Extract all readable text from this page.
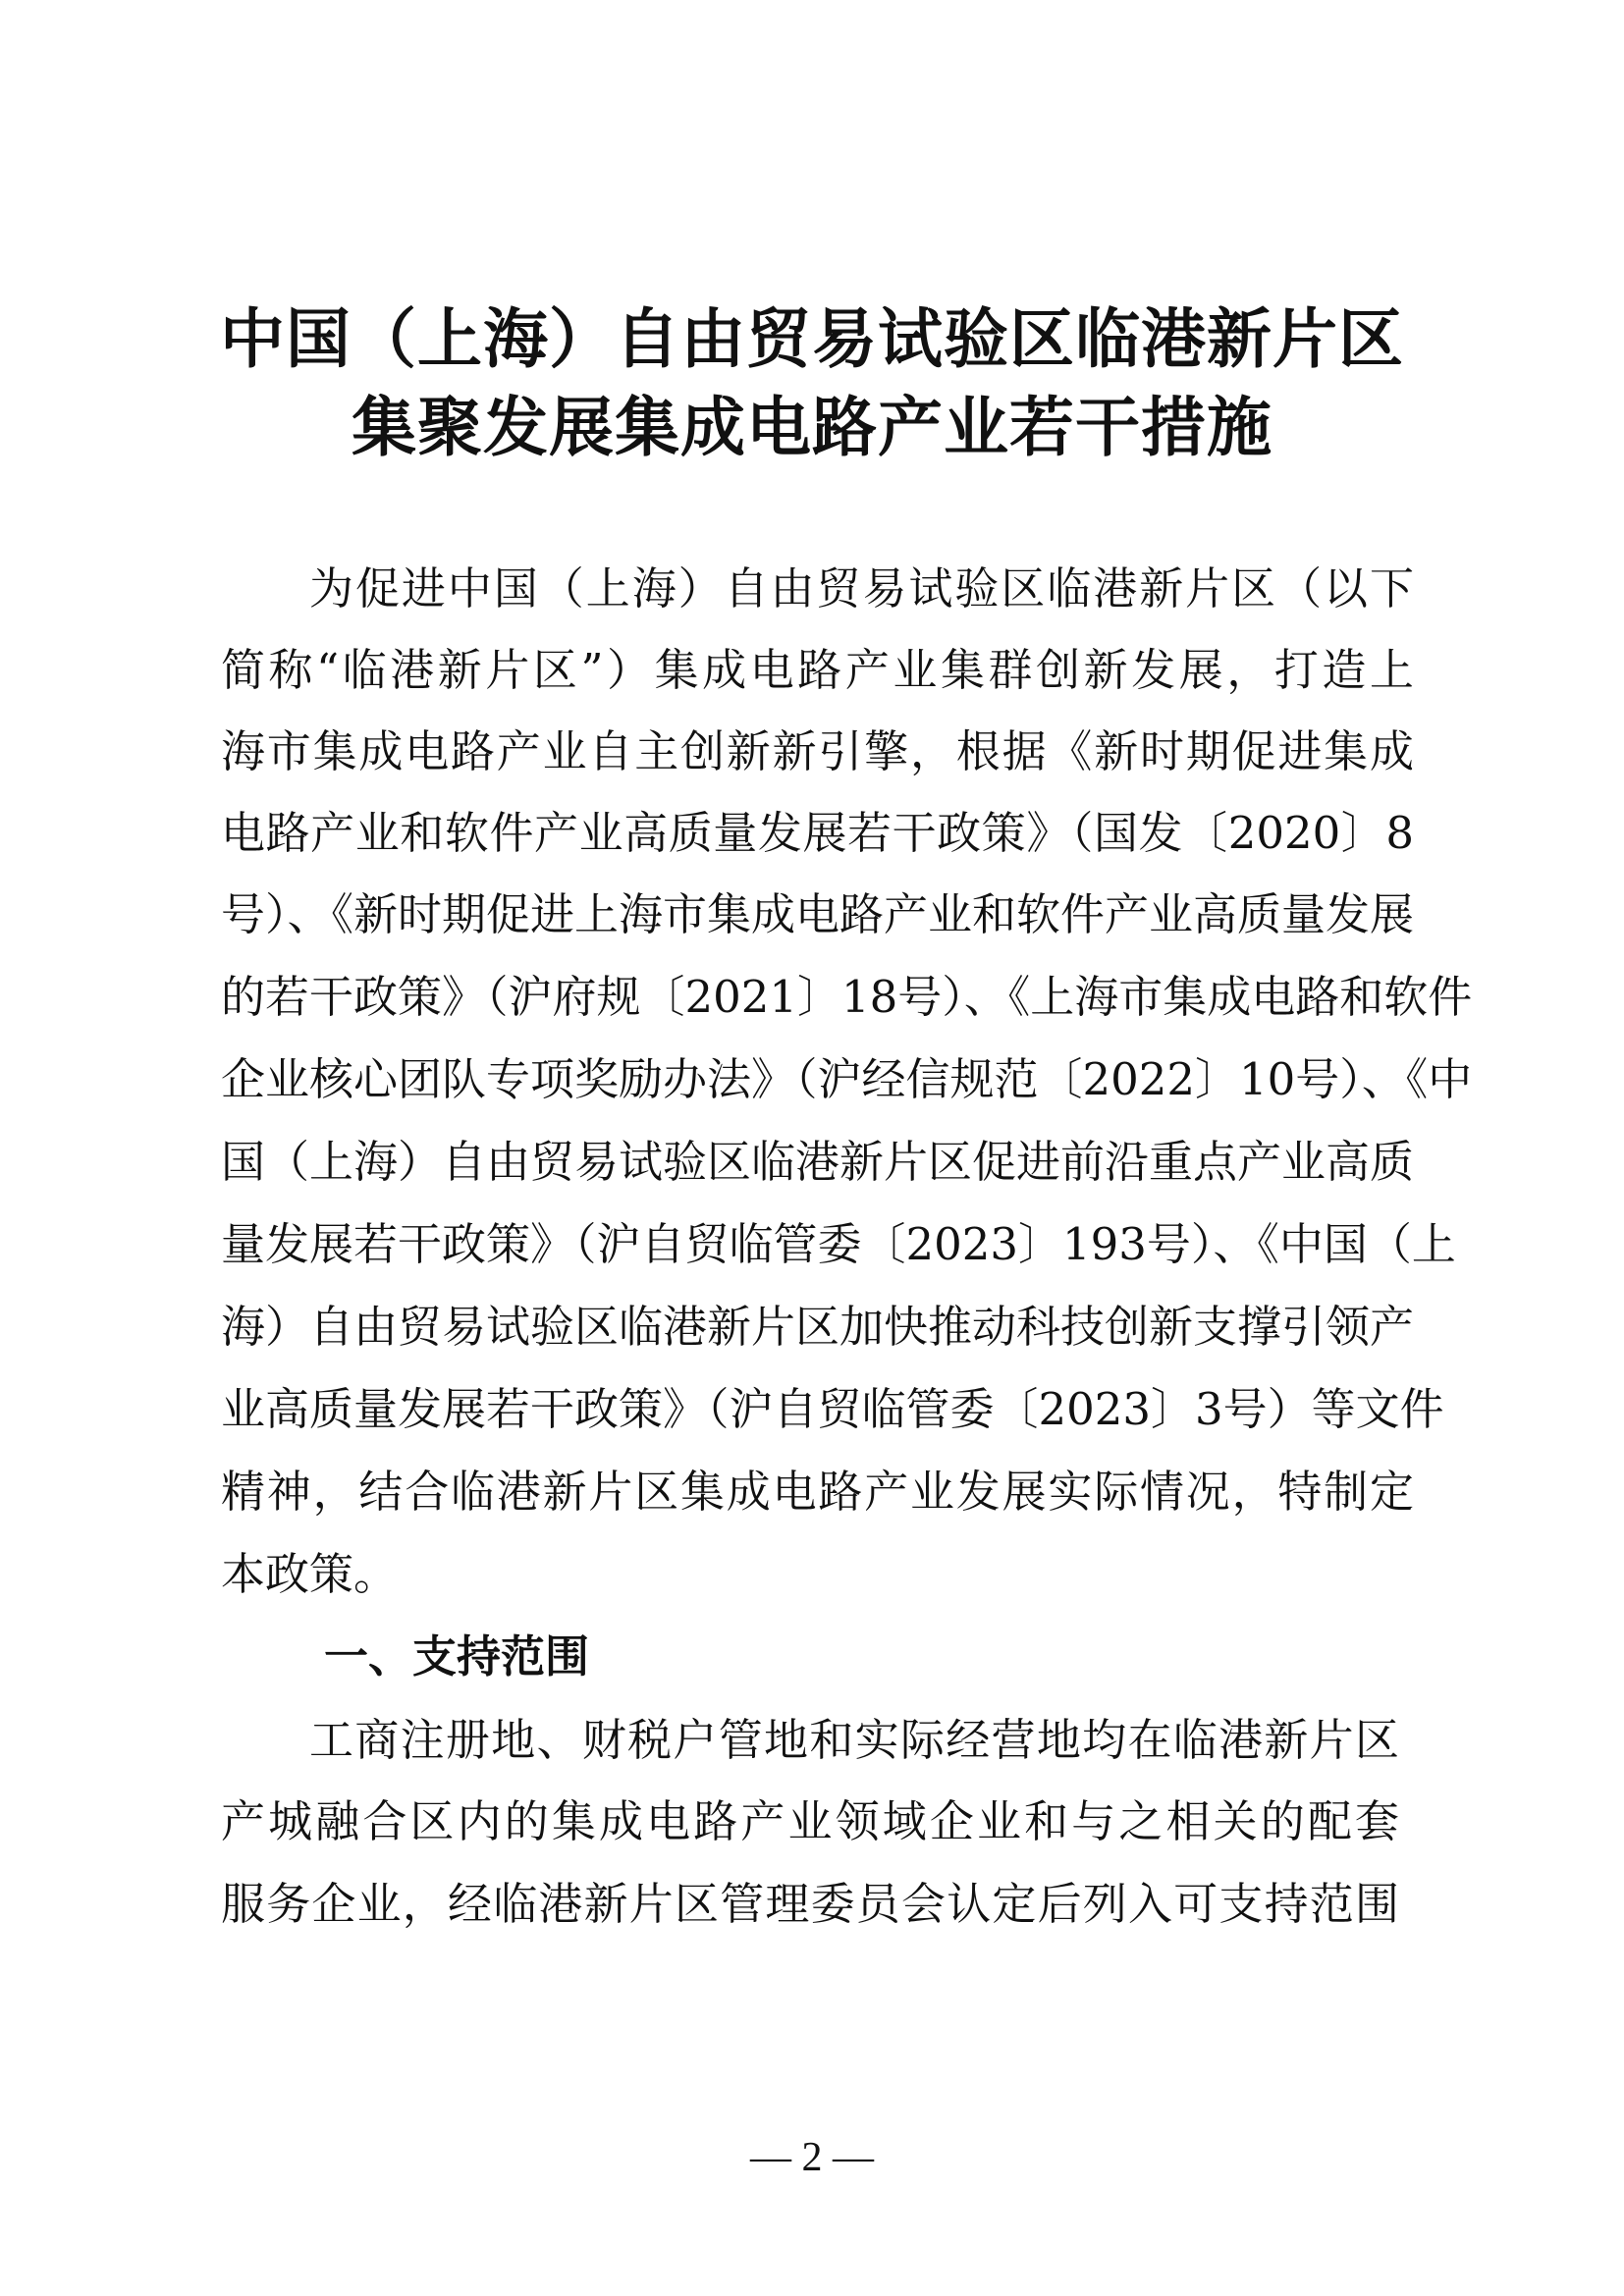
中国（上海）自由贸易试验区临港新片区
集聚发展集成电路产业若干措施
为促进中国（上海）自由贸易试验区临港新片区（以下
简称“临港新片区”）集成电路产业集群创新发展，打造上
海市集成电路产业自主创新新引擎，根据《新时期促进集成
电路产业和软件产业高质量发展若干政策》（国发〔2020〕8
号）、《新时期促进上海市集成电路产业和软件产业高质量发展
的若干政策》（沪府规〔2021〕18号）、《上海市集成电路和软件
企业核心团队专项奖励办法》（沪经信规范〔2022〕10号）、《中
国（上海）自由贸易试验区临港新片区促进前沿重点产业高质
量发展若干政策》（沪自贸临管委〔2023〕193号）、《中国（上
海）自由贸易试验区临港新片区加快推动科技创新支撑引领产
业高质量发展若干政策》（沪自贸临管委〔2023〕3号）等文件
精神，结合临港新片区集成电路产业发展实际情况，特制定
本政策。
一、支持范围
工商注册地、财税户管地和实际经营地均在临港新片区
产城融合区内的集成电路产业领域企业和与之相关的配套
服务企业，经临港新片区管理委员会认定后列入可支持范围
— 2 —
